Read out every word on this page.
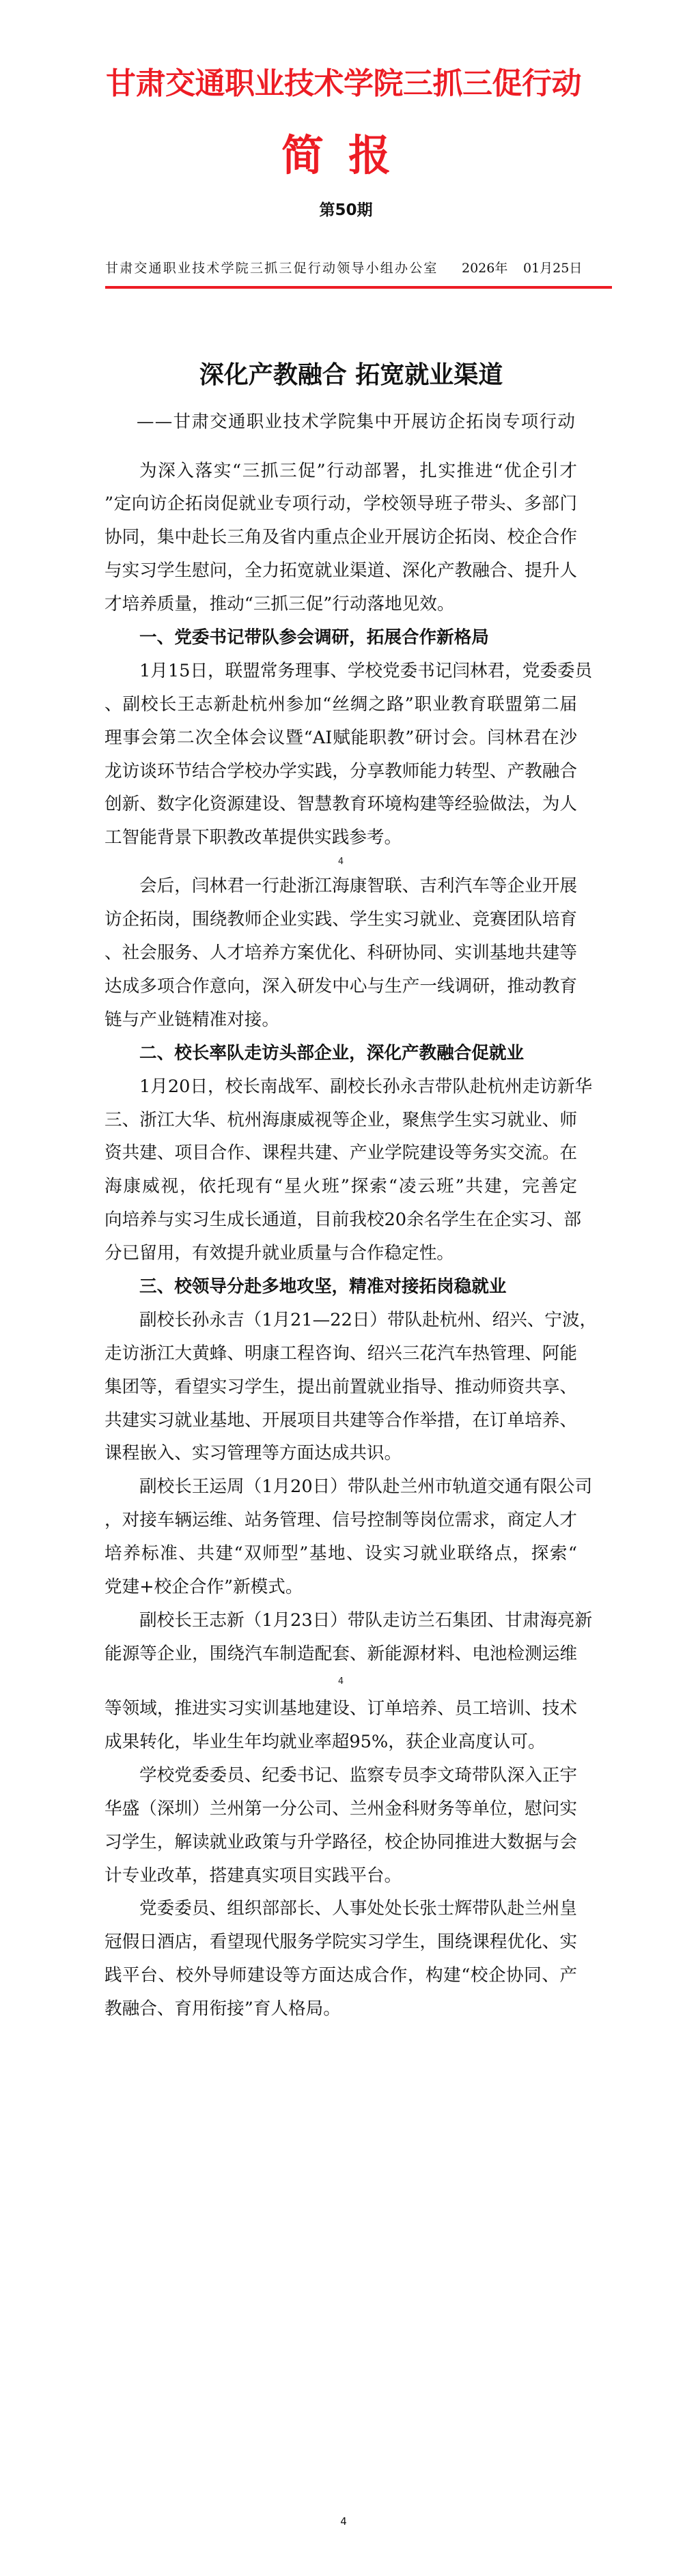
甘肃交通职业技术学院三抓三促行动
简报
第50期
甘肃交通职业技术学院三抓三促行动领导小组办公室 2026年 01月25日
深化产教融合 拓宽就业渠道
——甘肃交通职业技术学院集中开展访企拓岗专项行动
为深入落实“三抓三促”行动部署，扎实推进“优企引才
”定向访企拓岗促就业专项行动，学校领导班子带头、多部门
协同，集中赴长三角及省内重点企业开展访企拓岗、校企合作
与实习学生慰问，全力拓宽就业渠道、深化产教融合、提升人
才培养质量，推动“三抓三促”行动落地见效。
一、党委书记带队参会调研，拓展合作新格局
1月15日，联盟常务理事、学校党委书记闫林君，党委委员
、副校长王志新赴杭州参加“丝绸之路”职业教育联盟第二届
理事会第二次全体会议暨“AI赋能职教”研讨会。闫林君在沙
龙访谈环节结合学校办学实践，分享教师能力转型、产教融合
创新、数字化资源建设、智慧教育环境构建等经验做法，为人
工智能背景下职教改革提供实践参考。
4
会后，闫林君一行赴浙江海康智联、吉利汽车等企业开展
访企拓岗，围绕教师企业实践、学生实习就业、竞赛团队培育
、社会服务、人才培养方案优化、科研协同、实训基地共建等
达成多项合作意向，深入研发中心与生产一线调研，推动教育
链与产业链精准对接。
二、校长率队走访头部企业，深化产教融合促就业
1月20日，校长南战军、副校长孙永吉带队赴杭州走访新华
三、浙江大华、杭州海康威视等企业，聚焦学生实习就业、师
资共建、项目合作、课程共建、产业学院建设等务实交流。在
海康威视，依托现有“星火班”探索“凌云班”共建，完善定
向培养与实习生成长通道，目前我校20余名学生在企实习、部
分已留用，有效提升就业质量与合作稳定性。
三、校领导分赴多地攻坚，精准对接拓岗稳就业
副校长孙永吉（1月21—22日）带队赴杭州、绍兴、宁波，
走访浙江大黄蜂、明康工程咨询、绍兴三花汽车热管理、阿能
集团等，看望实习学生，提出前置就业指导、推动师资共享、
共建实习就业基地、开展项目共建等合作举措，在订单培养、
课程嵌入、实习管理等方面达成共识。
副校长王运周（1月20日）带队赴兰州市轨道交通有限公司
，对接车辆运维、站务管理、信号控制等岗位需求，商定人才
培养标准、共建“双师型”基地、设实习就业联络点，探索“
党建+校企合作”新模式。
副校长王志新（1月23日）带队走访兰石集团、甘肃海亮新
能源等企业，围绕汽车制造配套、新能源材料、电池检测运维
4
等领域，推进实习实训基地建设、订单培养、员工培训、技术
成果转化，毕业生年均就业率超95%，获企业高度认可。
学校党委委员、纪委书记、监察专员李文琦带队深入正宇
华盛（深圳）兰州第一分公司、兰州金科财务等单位，慰问实
习学生，解读就业政策与升学路径，校企协同推进大数据与会
计专业改革，搭建真实项目实践平台。
党委委员、组织部部长、人事处处长张士辉带队赴兰州皇
冠假日酒店，看望现代服务学院实习学生，围绕课程优化、实
践平台、校外导师建设等方面达成合作，构建“校企协同、产
教融合、育用衔接”育人格局。
4
